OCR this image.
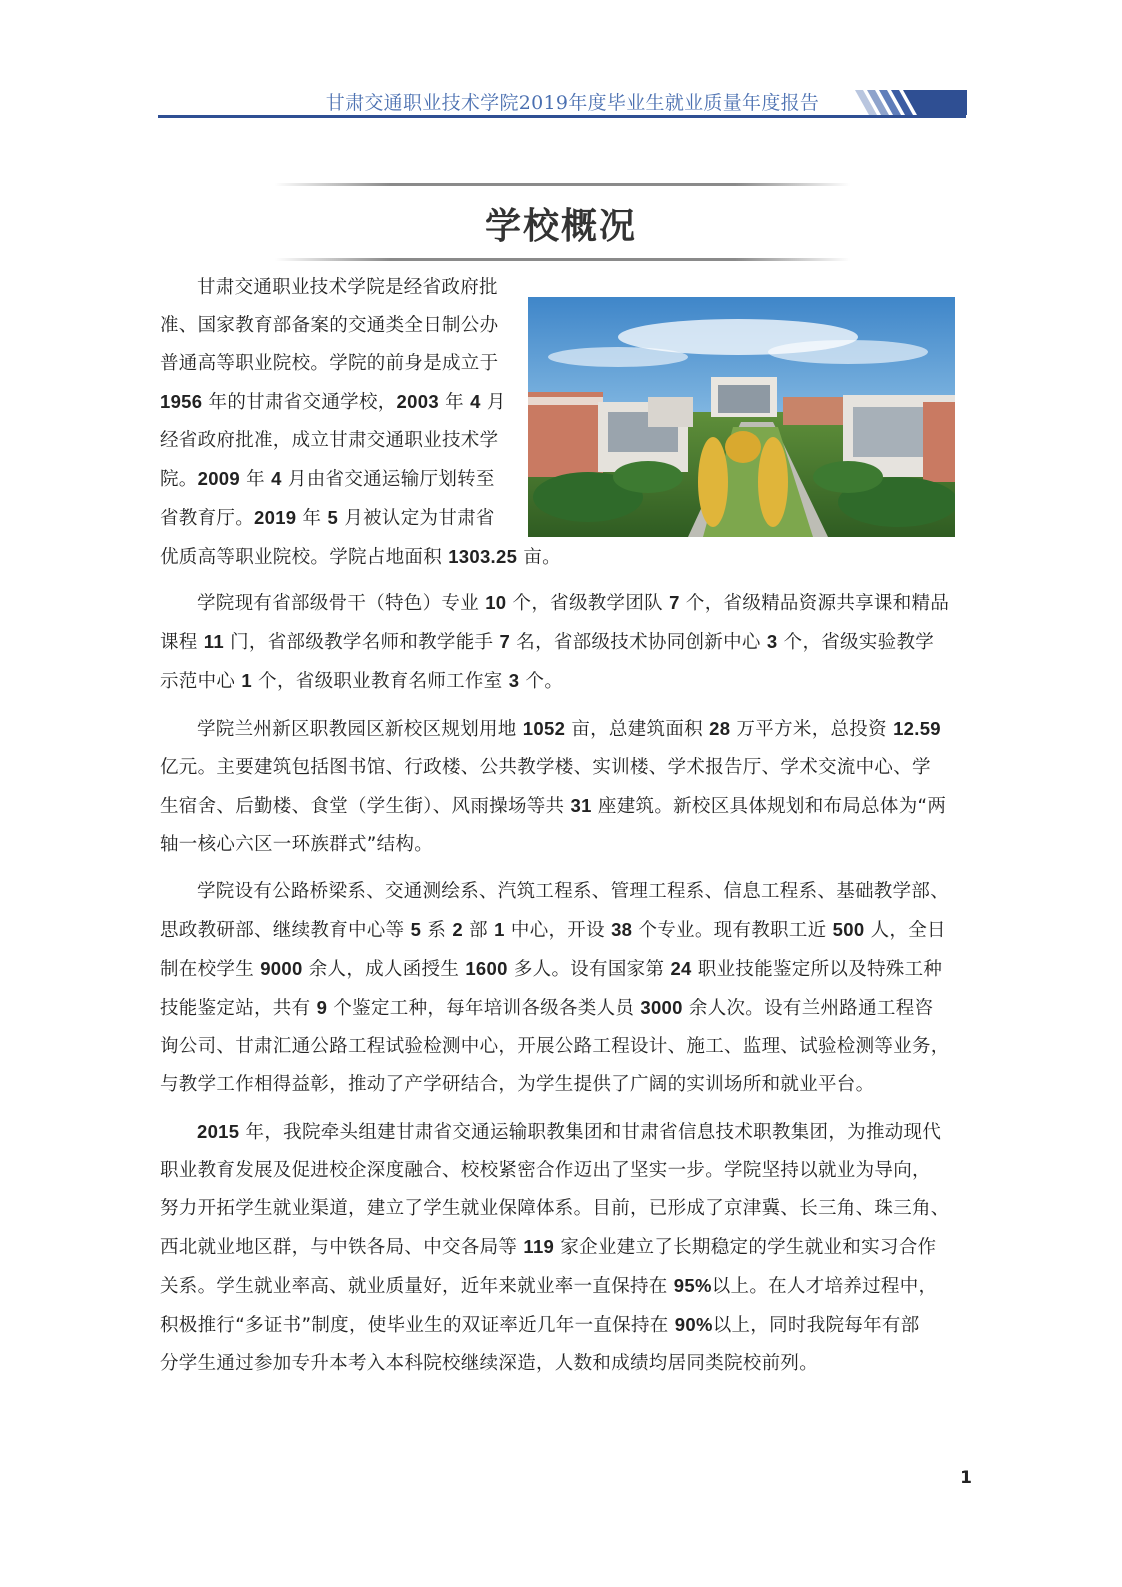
甘肃交通职业技术学院2019年度毕业生就业质量年度报告
学校概况

甘肃交通职业技术学院是经省政府批
准、国家教育部备案的交通类全日制公办
普通高等职业院校。学院的前身是成立于
1956 年的甘肃省交通学校，2003 年 4 月
经省政府批准，成立甘肃交通职业技术学
院。2009 年 4 月由省交通运输厅划转至
省教育厅。2019 年 5 月被认定为甘肃省
优质高等职业院校。学院占地面积 1303.25 亩。

学院现有省部级骨干（特色）专业 10 个，省级教学团队 7 个，省级精品资源共享课和精品
课程 11 门，省部级教学名师和教学能手 7 名，省部级技术协同创新中心 3 个，省级实验教学
示范中心 1 个，省级职业教育名师工作室 3 个。

学院兰州新区职教园区新校区规划用地 1052 亩，总建筑面积 28 万平方米，总投资 12.59
亿元。主要建筑包括图书馆、行政楼、公共教学楼、实训楼、学术报告厅、学术交流中心、学
生宿舍、后勤楼、食堂（学生街）、风雨操场等共 31 座建筑。新校区具体规划和布局总体为“两
轴一核心六区一环族群式”结构。

学院设有公路桥梁系、交通测绘系、汽筑工程系、管理工程系、信息工程系、基础教学部、
思政教研部、继续教育中心等 5 系 2 部 1 中心，开设 38 个专业。现有教职工近 500 人，全日
制在校学生 9000 余人，成人函授生 1600 多人。设有国家第 24 职业技能鉴定所以及特殊工种
技能鉴定站，共有 9 个鉴定工种，每年培训各级各类人员 3000 余人次。设有兰州路通工程咨
询公司、甘肃汇通公路工程试验检测中心，开展公路工程设计、施工、监理、试验检测等业务，
与教学工作相得益彰，推动了产学研结合，为学生提供了广阔的实训场所和就业平台。

2015 年，我院牵头组建甘肃省交通运输职教集团和甘肃省信息技术职教集团，为推动现代
职业教育发展及促进校企深度融合、校校紧密合作迈出了坚实一步。学院坚持以就业为导向，
努力开拓学生就业渠道，建立了学生就业保障体系。目前，已形成了京津冀、长三角、珠三角、
西北就业地区群，与中铁各局、中交各局等 119 家企业建立了长期稳定的学生就业和实习合作
关系。学生就业率高、就业质量好，近年来就业率一直保持在 95%以上。在人才培养过程中，
积极推行“多证书”制度，使毕业生的双证率近几年一直保持在 90%以上，同时我院每年有部
分学生通过参加专升本考入本科院校继续深造，人数和成绩均居同类院校前列。

1
